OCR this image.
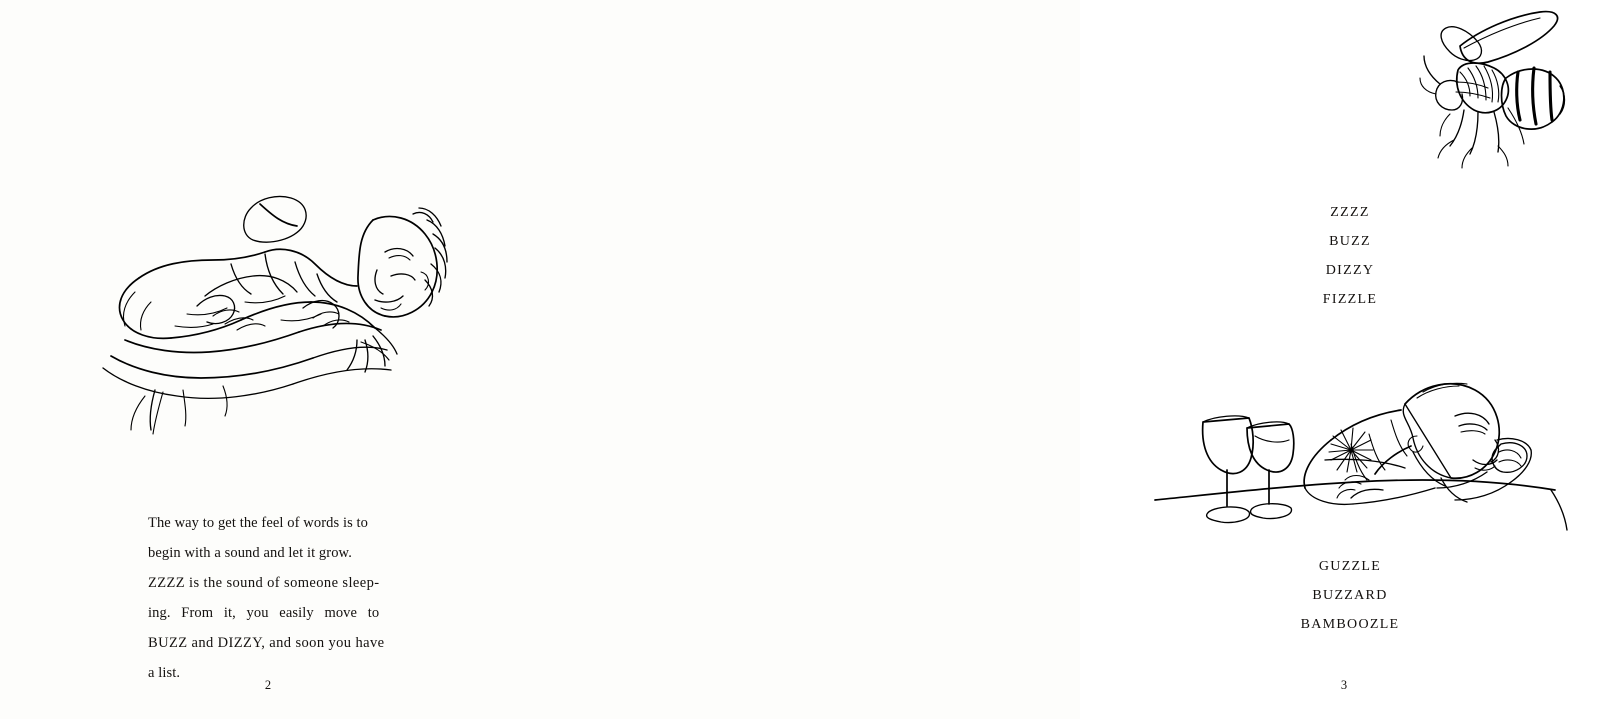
The way to get the feel of words is to
begin with a sound and let it grow.
ZZZZ is the sound of someone sleep-
ing. From it, you easily move to
BUZZ and DIZZY, and soon you have
a list.
2
ZZZZ
BUZZ
DIZZY
FIZZLE
GUZZLE
BUZZARD
BAMBOOZLE
3
